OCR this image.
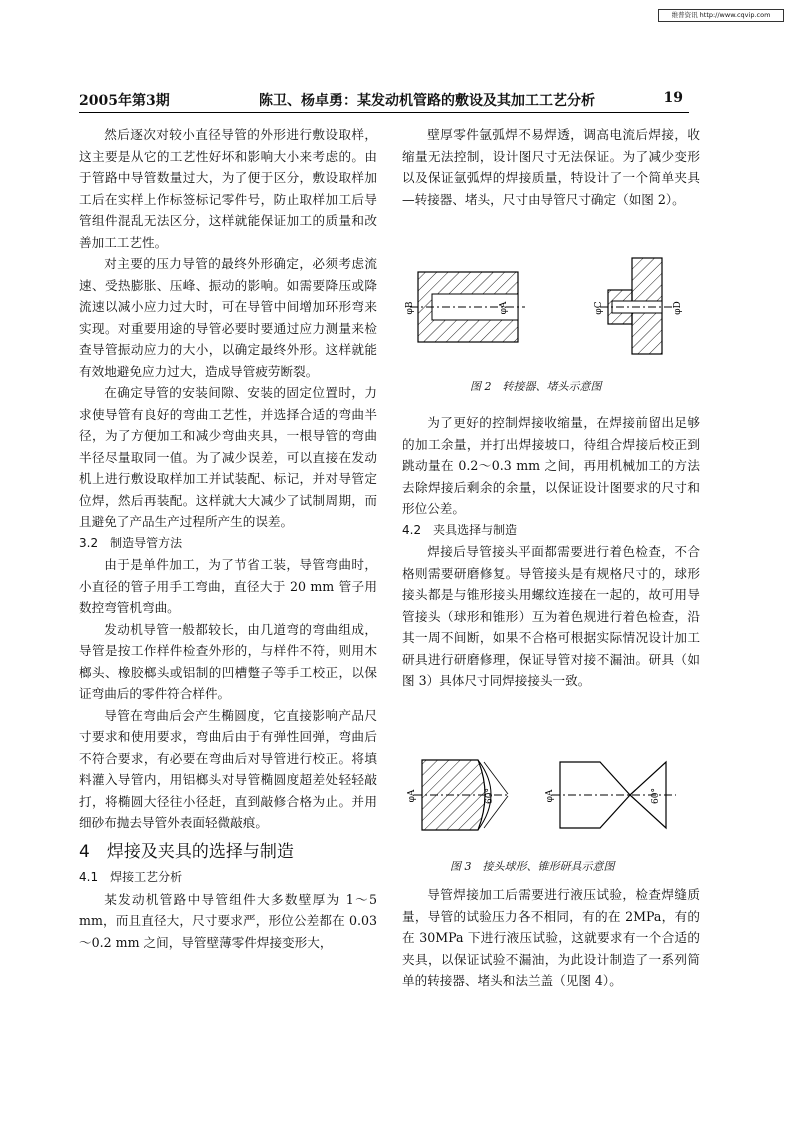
维普资讯 http://www.cqvip.com
2005年第3期	陈卫、杨卓勇：某发动机管路的敷设及其加工工艺分析	19

然后逐次对较小直径导管的外形进行敷设取样，这主要是从它的工艺性好坏和影响大小来考虑的。由于管路中导管数量过大，为了便于区分，敷设取样加工后在实样上作标签标记零件号，防止取样加工后导管组件混乱无法区分，这样就能保证加工的质量和改善加工工艺性。

对主要的压力导管的最终外形确定，必须考虑流速、受热膨胀、压峰、振动的影响。如需要降压或降流速以减小应力过大时，可在导管中间增加环形弯来实现。对重要用途的导管必要时要通过应力测量来检查导管振动应力的大小，以确定最终外形。这样就能有效地避免应力过大，造成导管疲劳断裂。

在确定导管的安装间隙、安装的固定位置时，力求使导管有良好的弯曲工艺性，并选择合适的弯曲半径，为了方便加工和减少弯曲夹具，一根导管的弯曲半径尽量取同一值。为了减少误差，可以直接在发动机上进行敷设取样加工并试装配、标记，并对导管定位焊，然后再装配。这样就大大减少了试制周期，而且避免了产品生产过程所产生的误差。

3.2　制造导管方法

由于是单件加工，为了节省工装，导管弯曲时，小直径的管子用手工弯曲，直径大于 20 mm 管子用数控弯管机弯曲。

发动机导管一般都较长，由几道弯的弯曲组成，导管是按工作样件检查外形的，与样件不符，则用木榔头、橡胶榔头或铝制的凹槽蹩子等手工校正，以保证弯曲后的零件符合样件。

导管在弯曲后会产生椭圆度，它直接影响产品尺寸要求和使用要求，弯曲后由于有弹性回弹，弯曲后不符合要求，有必要在弯曲后对导管进行校正。将填料灌入导管内，用铝榔头对导管椭圆度超差处轻轻敲打，将椭圆大径往小径赶，直到敲修合格为止。并用细砂布抛去导管外表面轻微敲痕。

4　焊接及夹具的选择与制造
4.1　焊接工艺分析

某发动机管路中导管组件大多数壁厚为 1～5 mm，而且直径大，尺寸要求严，形位公差都在 0.03～0.2 mm 之间，导管壁薄零件焊接变形大，

壁厚零件氩弧焊不易焊透，调高电流后焊接，收缩量无法控制，设计图尺寸无法保证。为了减少变形以及保证氩弧焊的焊接质量，特设计了一个简单夹具—转接器、堵头，尺寸由导管尺寸确定（如图 2）。

φB	φA	φC	φD
图 2　转接器、堵头示意图

为了更好的控制焊接收缩量，在焊接前留出足够的加工余量，并打出焊接坡口，待组合焊接后校正到跳动量在 0.2～0.3 mm 之间，再用机械加工的方法去除焊接后剩余的余量，以保证设计图要求的尺寸和形位公差。

4.2　夹具选择与制造

焊接后导管接头平面都需要进行着色检查，不合格则需要研磨修复。导管接头是有规格尺寸的，球形接头都是与锥形接头用螺纹连接在一起的，故可用导管接头（球形和锥形）互为着色规进行着色检查，沿其一周不间断，如果不合格可根据实际情况设计加工研具进行研磨修理，保证导管对接不漏油。研具（如图 3）具体尺寸同焊接接头一致。

φA	60°	φA	60°
图 3　接头球形、锥形研具示意图

导管焊接加工后需要进行液压试验，检查焊缝质量，导管的试验压力各不相同，有的在 2MPa，有的在 30MPa 下进行液压试验，这就要求有一个合适的夹具，以保证试验不漏油，为此设计制造了一系列简单的转接器、堵头和法兰盖（见图 4）。
